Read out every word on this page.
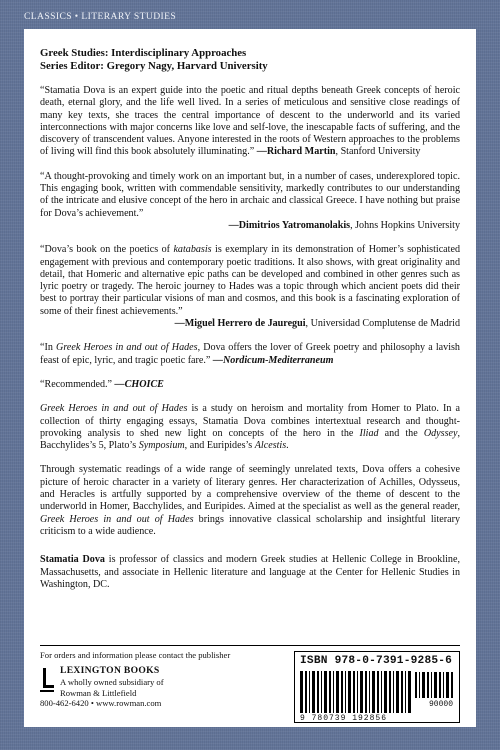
CLASSICS • LITERARY STUDIES
Greek Studies: Interdisciplinary Approaches
Series Editor: Gregory Nagy, Harvard University

“Stamatia Dova is an expert guide into the poetic and ritual depths beneath Greek concepts of heroic death, eternal glory, and the life well lived. In a series of meticulous and sensitive close readings of many key texts, she traces the central importance of descent to the underworld and its varied interconnections with major concerns like love and self-love, the inescapable facts of suffering, and the discovery of transcendent values. Anyone interested in the roots of Western approaches to the problems of living will find this book absolutely illuminating.” —Richard Martin, Stanford University

“A thought-provoking and timely work on an important but, in a number of cases, underexplored topic. This engaging book, written with commendable sensitivity, markedly contributes to our understanding of the intricate and elusive concept of the hero in archaic and classical Greece. I have nothing but praise for Dova’s achievement.”
—Dimitrios Yatromanolakis, Johns Hopkins University

“Dova’s book on the poetics of katabasis is exemplary in its demonstration of Homer’s sophisticated engagement with previous and contemporary poetic traditions. It also shows, with great originality and detail, that Homeric and alternative epic paths can be developed and combined in other genres such as lyric poetry or tragedy. The heroic journey to Hades was a topic through which ancient poets did their best to portray their particular visions of man and cosmos, and this book is a fascinating exploration of some of their finest achievements.”
—Miguel Herrero de Jauregui, Universidad Complutense de Madrid

“In Greek Heroes in and out of Hades, Dova offers the lover of Greek poetry and philosophy a lavish feast of epic, lyric, and tragic poetic fare.” —Nordicum-Mediterraneum

“Recommended.” —CHOICE

Greek Heroes in and out of Hades is a study on heroism and mortality from Homer to Plato. In a collection of thirty engaging essays, Stamatia Dova combines intertextual research and thought-provoking analysis to shed new light on concepts of the hero in the Iliad and the Odyssey, Bacchylides’s 5, Plato’s Symposium, and Euripides’s Alcestis.

Through systematic readings of a wide range of seemingly unrelated texts, Dova offers a cohesive picture of heroic character in a variety of literary genres. Her characterization of Achilles, Odysseus, and Heracles is artfully supported by a comprehensive overview of the theme of descent to the underworld in Homer, Bacchylides, and Euripides. Aimed at the specialist as well as the general reader, Greek Heroes in and out of Hades brings innovative classical scholarship and insightful literary criticism to a wide audience.

Stamatia Dova is professor of classics and modern Greek studies at Hellenic College in Brookline, Massachusetts, and associate in Hellenic literature and language at the Center for Hellenic Studies in Washington, DC.

For orders and information please contact the publisher
LEXINGTON BOOKS
A wholly owned subsidiary of
Rowman & Littlefield
800-462-6420 • www.rowman.com
ISBN 978-0-7391-9285-6
90000
9 780739 192856
